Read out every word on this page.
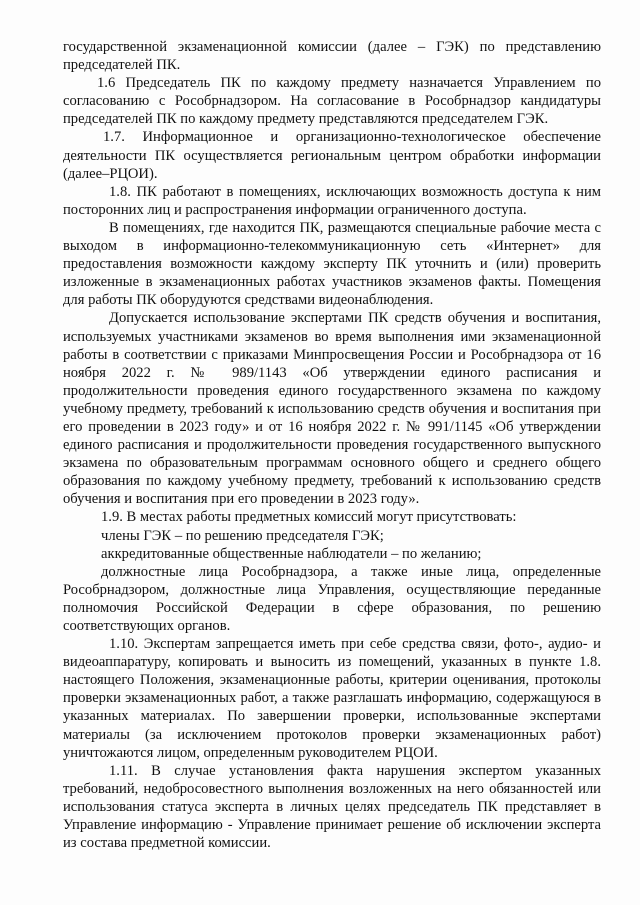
государственной экзаменационной комиссии (далее – ГЭК) по представлению председателей ПК.

1.6 Председатель ПК по каждому предмету назначается Управлением по согласованию с Рособрнадзором. На согласование в Рособрнадзор кандидатуры председателей ПК по каждому предмету представляются председателем ГЭК.

1.7. Информационное и организационно-технологическое обеспечение деятельности ПК осуществляется региональным центром обработки информации (далее–РЦОИ).

1.8. ПК работают в помещениях, исключающих возможность доступа к ним посторонних лиц и распространения информации ограниченного доступа.

В помещениях, где находится ПК, размещаются специальные рабочие места с выходом в информационно-телекоммуникационную сеть «Интернет» для предоставления возможности каждому эксперту ПК уточнить и (или) проверить изложенные в экзаменационных работах участников экзаменов факты. Помещения для работы ПК оборудуются средствами видеонаблюдения.

Допускается использование экспертами ПК средств обучения и воспитания, используемых участниками экзаменов во время выполнения ими экзаменационной работы в соответствии с приказами Минпросвещения России и Рособрнадзора от 16 ноября 2022 г. № 989/1143 «Об утверждении единого расписания и продолжительности проведения единого государственного экзамена по каждому учебному предмету, требований к использованию средств обучения и воспитания при его проведении в 2023 году» и от 16 ноября 2022 г. № 991/1145 «Об утверждении единого расписания и продолжительности проведения государственного выпускного экзамена по образовательным программам основного общего и среднего общего образования по каждому учебному предмету, требований к использованию средств обучения и воспитания при его проведении в 2023 году».

1.9. В местах работы предметных комиссий могут присутствовать:

члены ГЭК – по решению председателя ГЭК;

аккредитованные общественные наблюдатели – по желанию;

должностные лица Рособрнадзора, а также иные лица, определенные Рособрнадзором, должностные лица Управления, осуществляющие переданные полномочия Российской Федерации в сфере образования, по решению соответствующих органов.

1.10. Экспертам запрещается иметь при себе средства связи, фото-, аудио- и видеоаппаратуру, копировать и выносить из помещений, указанных в пункте 1.8. настоящего Положения, экзаменационные работы, критерии оценивания, протоколы проверки экзаменационных работ, а также разглашать информацию, содержащуюся в указанных материалах. По завершении проверки, использованные экспертами материалы (за исключением протоколов проверки экзаменационных работ) уничтожаются лицом, определенным руководителем РЦОИ.

1.11. В случае установления факта нарушения экспертом указанных требований, недобросовестного выполнения возложенных на него обязанностей или использования статуса эксперта в личных целях председатель ПК представляет в Управление информацию - Управление принимает решение об исключении эксперта из состава предметной комиссии.
